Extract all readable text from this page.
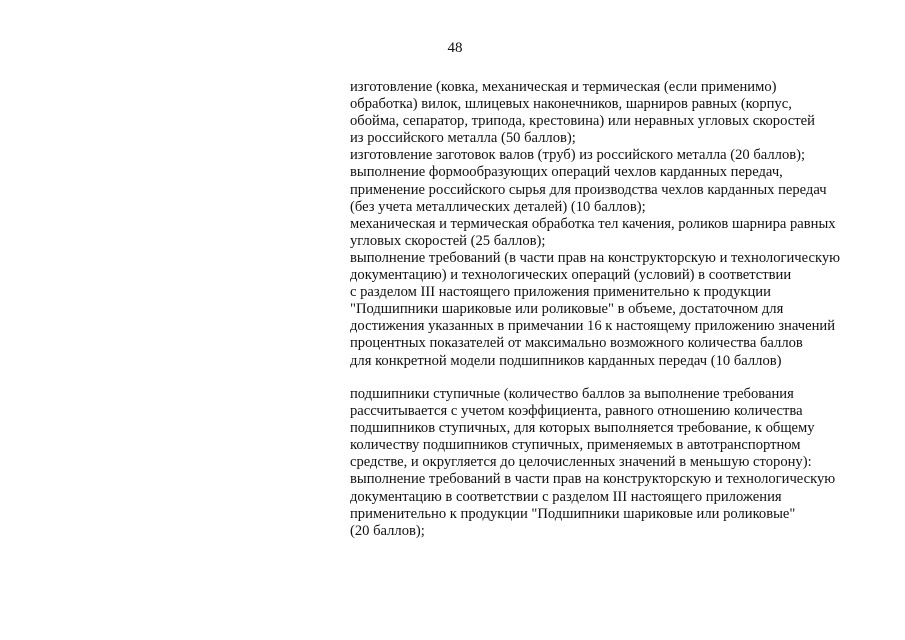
48
изготовление (ковка, механическая и термическая (если применимо)
обработка) вилок, шлицевых наконечников, шарниров равных (корпус,
обойма, сепаратор, трипода, крестовина) или неравных угловых скоростей
из российского металла (50 баллов);
изготовление заготовок валов (труб) из российского металла (20 баллов);
выполнение формообразующих операций чехлов карданных передач,
применение российского сырья для производства чехлов карданных передач
(без учета металлических деталей) (10 баллов);
механическая и термическая обработка тел качения, роликов шарнира равных
угловых скоростей (25 баллов);
выполнение требований (в части прав на конструкторскую и технологическую
документацию) и технологических операций (условий) в соответствии
с разделом III настоящего приложения применительно к продукции
"Подшипники шариковые или роликовые" в объеме, достаточном для
достижения указанных в примечании 16 к настоящему приложению значений
процентных показателей от максимально возможного количества баллов
для конкретной модели подшипников карданных передач (10 баллов)
подшипники ступичные (количество баллов за выполнение требования
рассчитывается с учетом коэффициента, равного отношению количества
подшипников ступичных, для которых выполняется требование, к общему
количеству подшипников ступичных, применяемых в автотранспортном
средстве, и округляется до целочисленных значений в меньшую сторону):
выполнение требований в части прав на конструкторскую и технологическую
документацию в соответствии с разделом III настоящего приложения
применительно к продукции "Подшипники шариковые или роликовые"
(20 баллов);
